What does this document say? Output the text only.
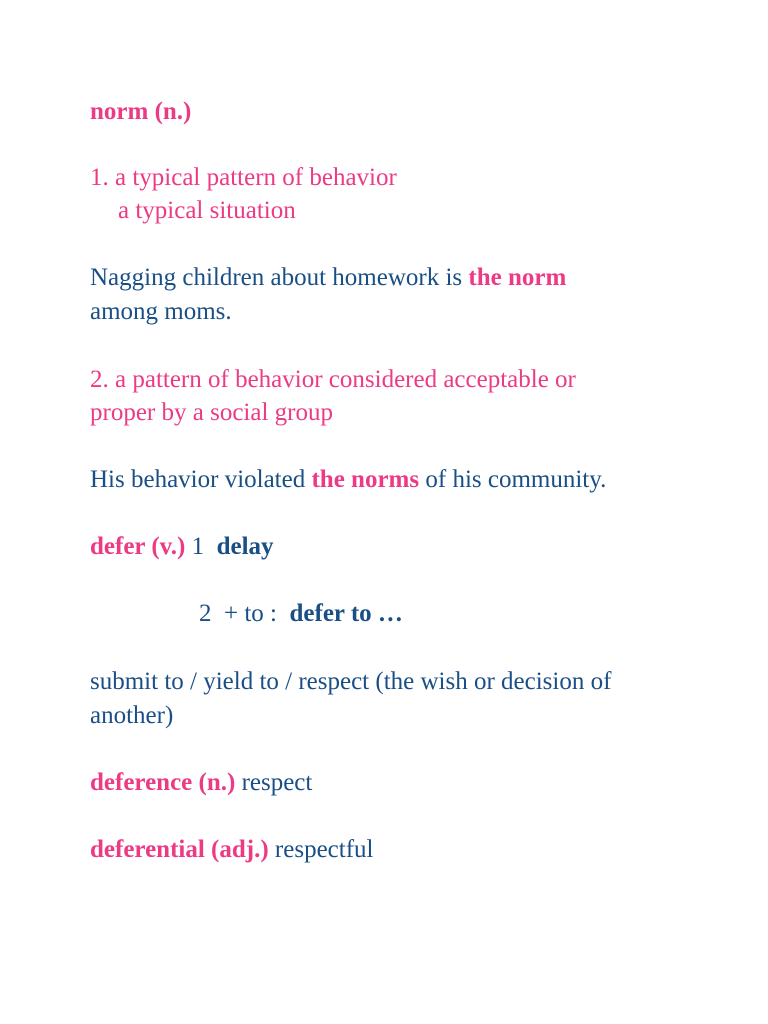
norm (n.)
1. a typical pattern of behavior
a typical situation
Nagging children about homework is the norm
among moms.
2. a pattern of behavior considered acceptable or
proper by a social group
His behavior violated the norms of his community.
defer (v.) 1  delay
2  + to :  defer to …
submit to / yield to / respect (the wish or decision of
another)
deference (n.) respect
deferential (adj.) respectful
